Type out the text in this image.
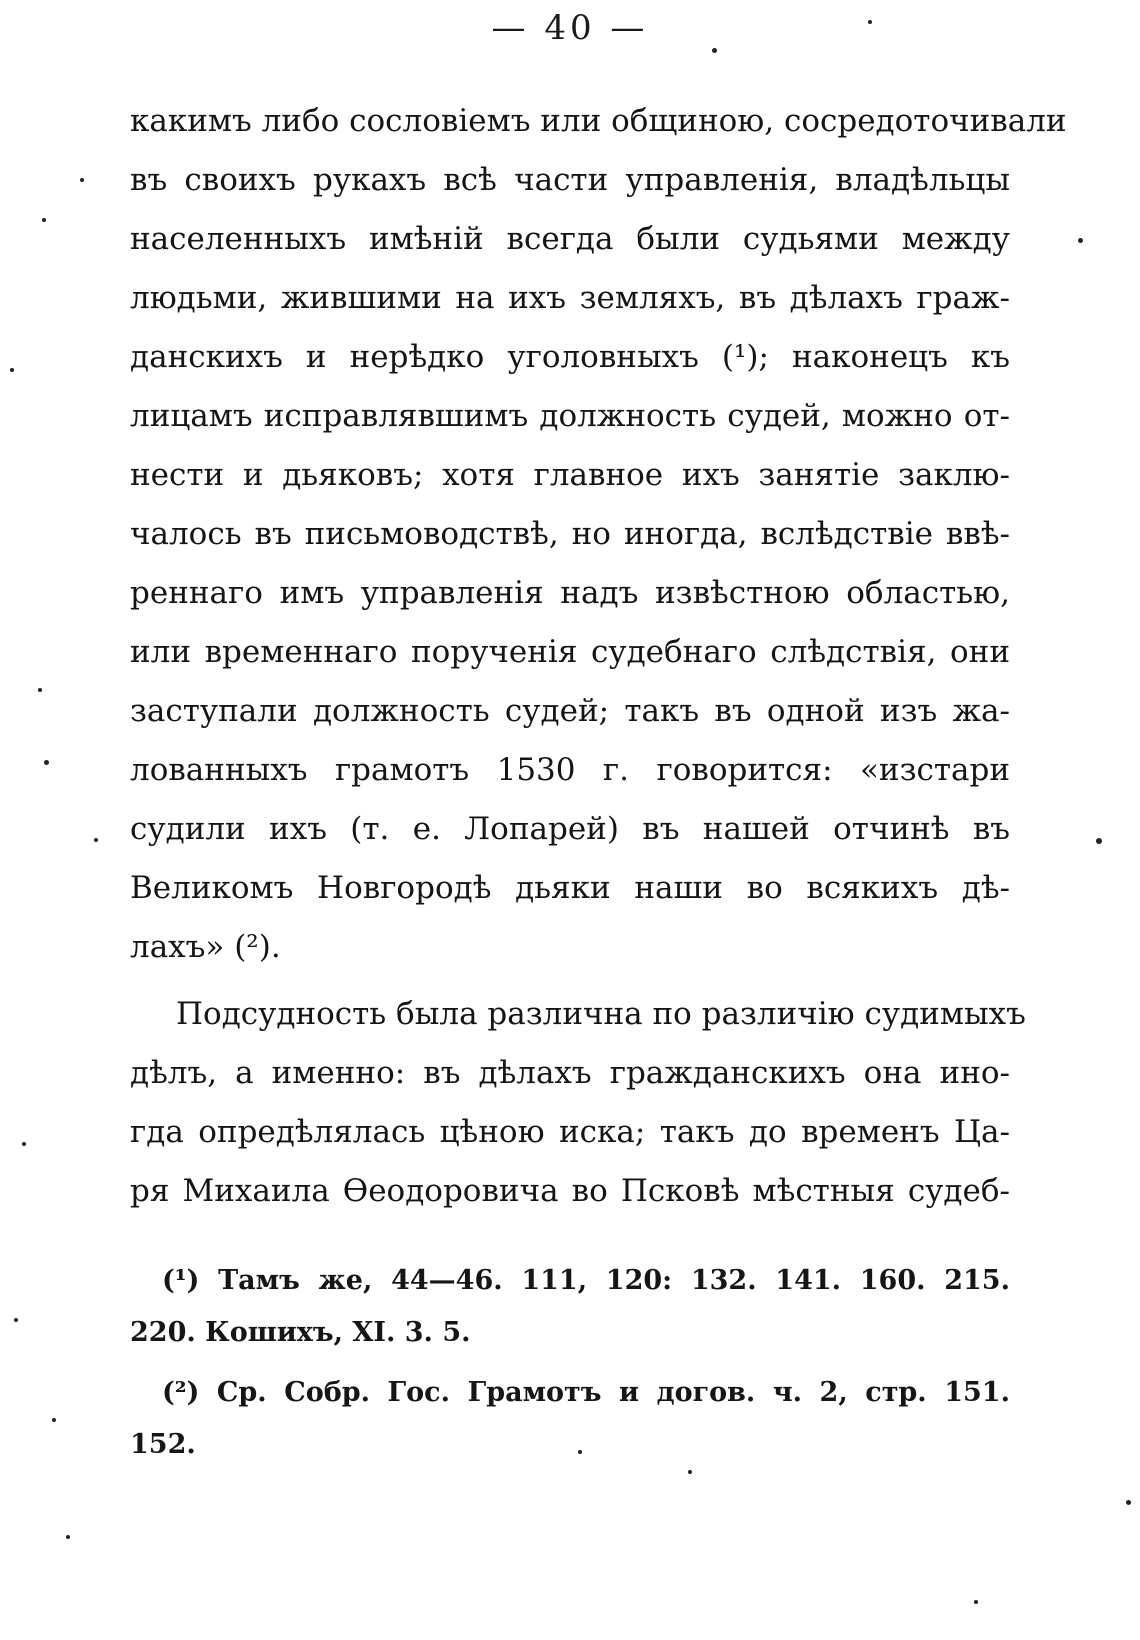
— 40 —
какимъ либо сословіемъ или общиною, сосредоточивали
въ своихъ рукахъ всѣ части управленія, владѣльцы
населенныхъ имѣній всегда были судьями между
людьми, жившими на ихъ земляхъ, въ дѣлахъ граж-
данскихъ и нерѣдко уголовныхъ (¹); наконецъ къ
лицамъ исправлявшимъ должность судей, можно от-
нести и дьяковъ; хотя главное ихъ занятіе заклю-
чалось въ письмоводствѣ, но иногда, вслѣдствіе ввѣ-
реннаго имъ управленія надъ извѣстною областью,
или временнаго порученія судебнаго слѣдствія, они
заступали должность судей; такъ въ одной изъ жа-
лованныхъ грамотъ 1530 г. говорится: «изстари
судили ихъ (т. е. Лопарей) въ нашей отчинѣ въ
Великомъ Новгородѣ дьяки наши во всякихъ дѣ-
лахъ» (²).
Подсудность была различна по различію судимыхъ
дѣлъ, а именно: въ дѣлахъ гражданскихъ она ино-
гда опредѣлялась цѣною иска; такъ до временъ Ца-
ря Михаила Ѳеодоровича во Псковѣ мѣстныя судеб-
(¹) Тамъ же, 44—46. 111, 120: 132. 141. 160. 215.
220. Кошихъ, XI. 3. 5.
(²) Ср. Собр. Гос. Грамотъ и догов. ч. 2, стр. 151.
152.
